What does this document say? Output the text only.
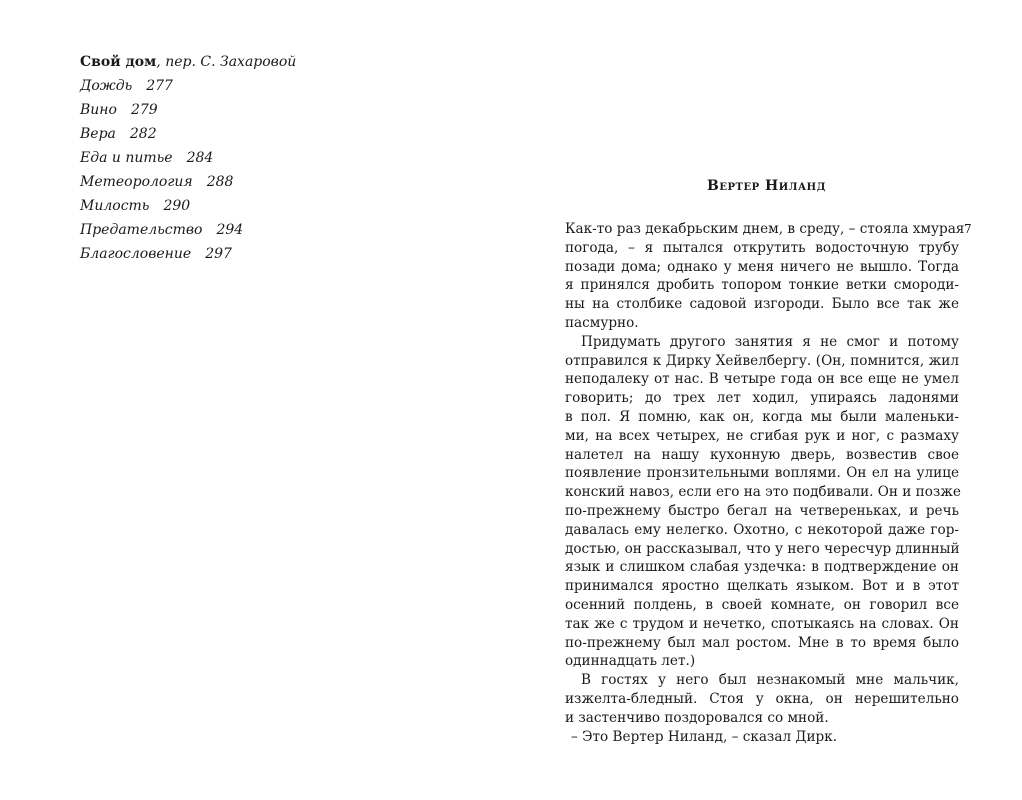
Свой дом, пер. С. Захаровой
Дождь 277
Вино 279
Вера 282
Еда и питье 284
Метеорология 288
Милость 290
Предательство 294
Благословение 297
Вертер Ниланд
7
Как-то раз декабрьским днем, в среду, – стояла хмурая
погода, – я пытался открутить водосточную трубу
позади дома; однако у меня ничего не вышло. Тогда
я принялся дробить топором тонкие ветки смороди-
ны на столбике садовой изгороди. Было все так же
пасмурно.
Придумать другого занятия я не смог и потому
отправился к Дирку Хейвелбергу. (Он, помнится, жил
неподалеку от нас. В четыре года он все еще не умел
говорить; до трех лет ходил, упираясь ладонями
в пол. Я помню, как он, когда мы были маленьки-
ми, на всех четырех, не сгибая рук и ног, с размаху
налетел на нашу кухонную дверь, возвестив свое
появление пронзительными воплями. Он ел на улице
конский навоз, если его на это подбивали. Он и позже
по-прежнему быстро бегал на четвереньках, и речь
давалась ему нелегко. Охотно, с некоторой даже гор-
достью, он рассказывал, что у него чересчур длинный
язык и слишком слабая уздечка: в подтверждение он
принимался яростно щелкать языком. Вот и в этот
осенний полдень, в своей комнате, он говорил все
так же с трудом и нечетко, спотыкаясь на словах. Он
по-прежнему был мал ростом. Мне в то время было
одиннадцать лет.)
В гостях у него был незнакомый мне мальчик,
изжелта-бледный. Стоя у окна, он нерешительно
и застенчиво поздоровался со мной.
– Это Вертер Ниланд, – сказал Дирк.
